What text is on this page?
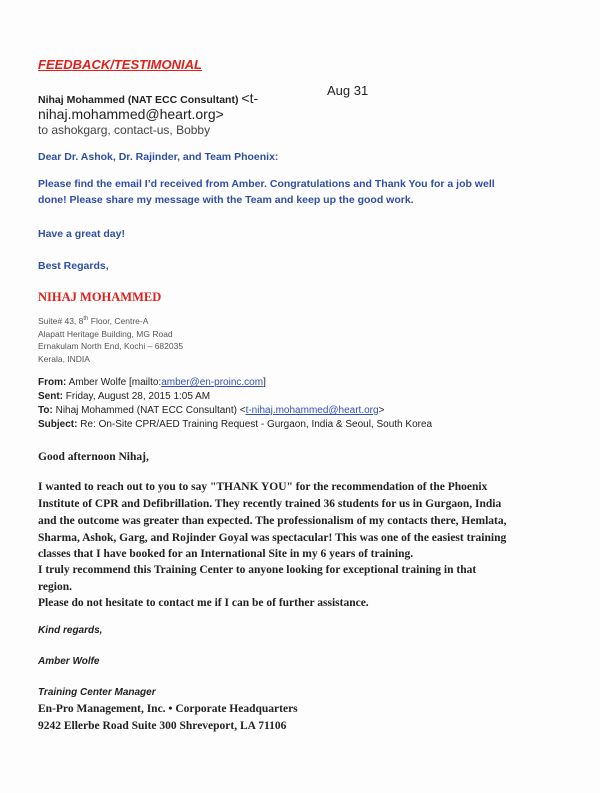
FEEDBACK/TESTIMONIAL
Nihaj Mohammed (NAT ECC Consultant) <t-
nihaj.mohammed@heart.org>
Aug 31
to ashokgarg, contact-us, Bobby
Dear Dr. Ashok, Dr. Rajinder, and Team Phoenix:
Please find the email I’d received from Amber. Congratulations and Thank You for a job well
done! Please share my message with the Team and keep up the good work.
Have a great day!
Best Regards,
NIHAJ MOHAMMED
Suite# 43, 8th Floor, Centre-A
Alapatt Heritage Building, MG Road
Ernakulam North End, Kochi – 682035
Kerala, INDIA
From: Amber Wolfe [mailto:amber@en-proinc.com]
Sent: Friday, August 28, 2015 1:05 AM
To: Nihaj Mohammed (NAT ECC Consultant) <t-nihaj.mohammed@heart.org>
Subject: Re: On-Site CPR/AED Training Request - Gurgaon, India & Seoul, South Korea
Good afternoon Nihaj,
I wanted to reach out to you to say "THANK YOU" for the recommendation of the Phoenix
Institute of CPR and Defibrillation. They recently trained 36 students for us in Gurgaon, India
and the outcome was greater than expected. The professionalism of my contacts there, Hemlata,
Sharma, Ashok, Garg, and Rojinder Goyal was spectacular! This was one of the easiest training
classes that I have booked for an International Site in my 6 years of training.
I truly recommend this Training Center to anyone looking for exceptional training in that
region.
Please do not hesitate to contact me if I can be of further assistance.
Kind regards,
Amber Wolfe
Training Center Manager
En-Pro Management, Inc. • Corporate Headquarters
9242 Ellerbe Road Suite 300 Shreveport, LA 71106
